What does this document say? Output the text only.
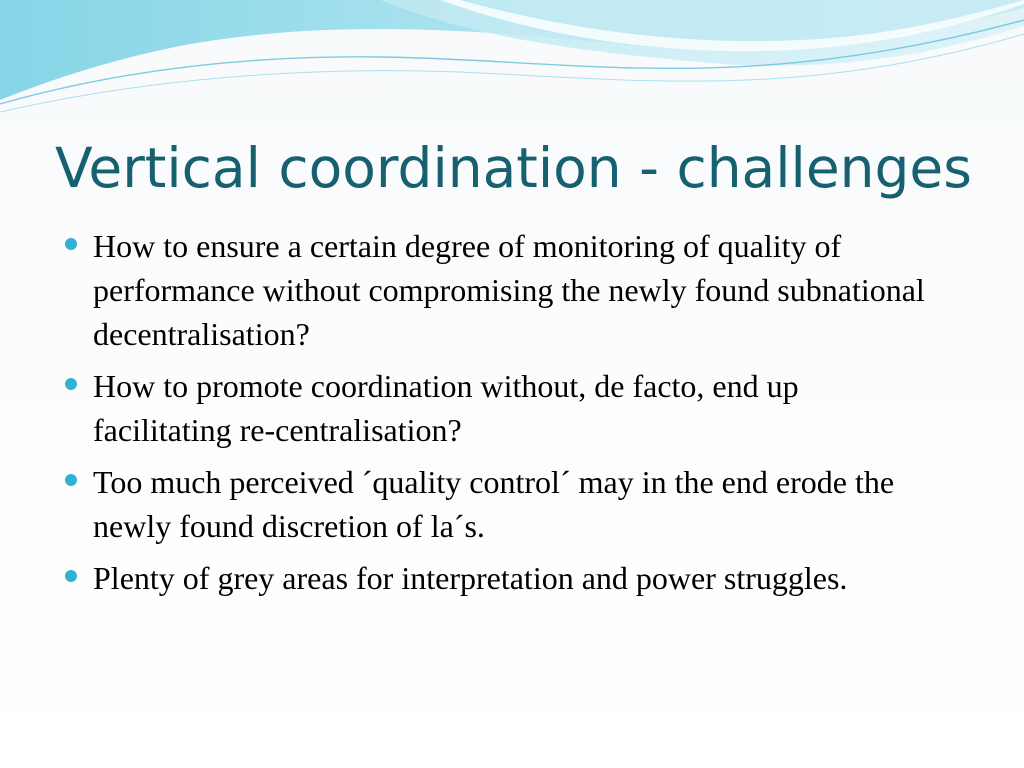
Vertical coordination - challenges
How to ensure a certain degree of monitoring of quality of performance without compromising the newly found subnational decentralisation?
How to promote coordination without, de facto, end up facilitating re-centralisation?
Too much perceived ´quality control´ may in the end erode the newly found discretion of la´s.
Plenty of grey areas for interpretation and power struggles.
